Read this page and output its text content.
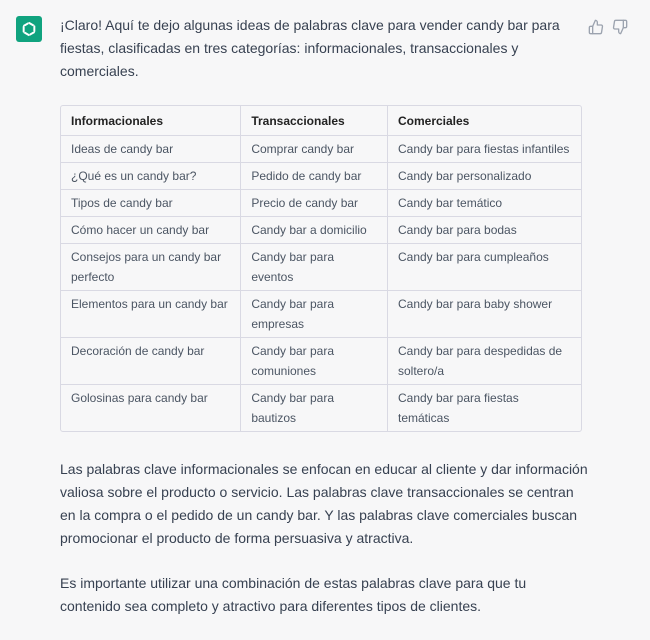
¡Claro! Aquí te dejo algunas ideas de palabras clave para vender candy bar para fiestas, clasificadas en tres categorías: informacionales, transaccionales y comerciales.

Informacionales	Transaccionales	Comerciales
Ideas de candy bar	Comprar candy bar	Candy bar para fiestas infantiles
¿Qué es un candy bar?	Pedido de candy bar	Candy bar personalizado
Tipos de candy bar	Precio de candy bar	Candy bar temático
Cómo hacer un candy bar	Candy bar a domicilio	Candy bar para bodas
Consejos para un candy bar perfecto	Candy bar para eventos	Candy bar para cumpleaños
Elementos para un candy bar	Candy bar para empresas	Candy bar para baby shower
Decoración de candy bar	Candy bar para comuniones	Candy bar para despedidas de soltero/a
Golosinas para candy bar	Candy bar para bautizos	Candy bar para fiestas temáticas

Las palabras clave informacionales se enfocan en educar al cliente y dar información valiosa sobre el producto o servicio. Las palabras clave transaccionales se centran en la compra o el pedido de un candy bar. Y las palabras clave comerciales buscan promocionar el producto de forma persuasiva y atractiva.

Es importante utilizar una combinación de estas palabras clave para que tu contenido sea completo y atractivo para diferentes tipos de clientes.
